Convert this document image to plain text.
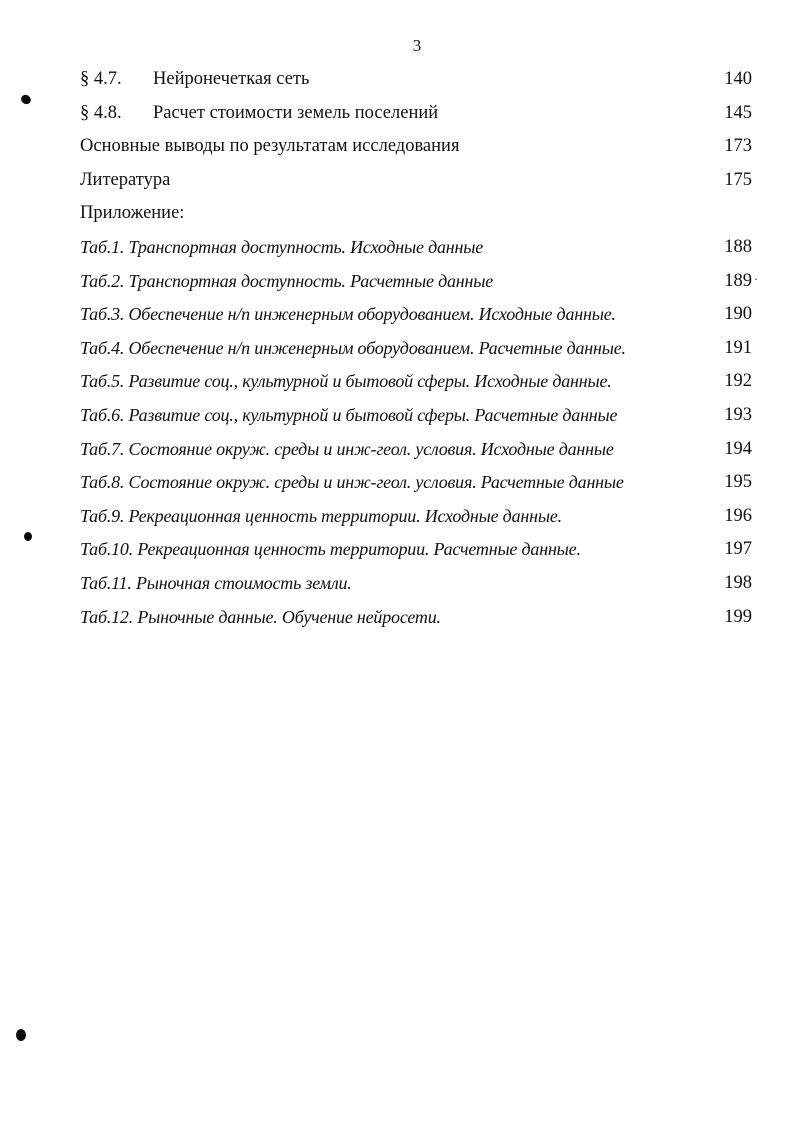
3
§ 4.7. Нейронечеткая сеть	140
§ 4.8. Расчет стоимости земель поселений	145
Основные выводы по результатам исследования	173
Литература	175
Приложение:
Таб.1. Транспортная доступность. Исходные данные	188
Таб.2. Транспортная доступность. Расчетные данные	189 ·
Таб.3. Обеспечение н/п инженерным оборудованием. Исходные данные.	190
Таб.4. Обеспечение н/п инженерным оборудованием. Расчетные данные.	191
Таб.5. Развитие соц., культурной и бытовой сферы. Исходные данные.	192
Таб.6. Развитие соц., культурной и бытовой сферы. Расчетные данные	193
Таб.7. Состояние окруж. среды и инж-геол. условия. Исходные данные	194
Таб.8. Состояние окруж. среды и инж-геол. условия. Расчетные данные	195
Таб.9. Рекреационная ценность территории. Исходные данные.	196
Таб.10. Рекреационная ценность территории. Расчетные данные.	197
Таб.11. Рыночная стоимость земли.	198
Таб.12. Рыночные данные. Обучение нейросети.	199
